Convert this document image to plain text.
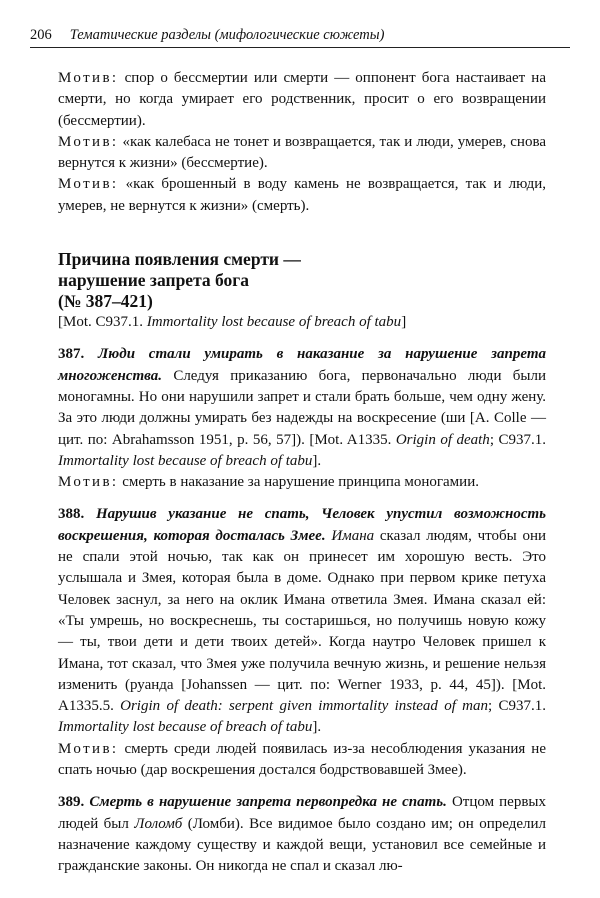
206 Тематические разделы (мифологические сюжеты)

Мотив: спор о бессмертии или смерти — оппонент бога настаивает на смерти, но когда умирает его родственник, просит о его возвращении (бессмертии).

Мотив: «как калебаса не тонет и возвращается, так и люди, умерев, снова вернутся к жизни» (бессмертие).

Мотив: «как брошенный в воду камень не возвращается, так и люди, умерев, не вернутся к жизни» (смерть).

Причина появления смерти —
нарушение запрета бога
(№ 387–421)

[Mot. C937.1. Immortality lost because of breach of tabu]

387. Люди стали умирать в наказание за нарушение запрета многоженства. Следуя приказанию бога, первоначально люди были моногамны. Но они нарушили запрет и стали брать больше, чем одну жену. За это люди должны умирать без надежды на воскресение (ши [A. Colle — цит. по: Abrahamsson 1951, p. 56, 57]). [Mot. A1335. Origin of death; C937.1. Immortality lost because of breach of tabu].

Мотив: смерть в наказание за нарушение принципа моногамии.

388. Нарушив указание не спать, Человек упустил возможность воскрешения, которая досталась Змее. Имана сказал людям, чтобы они не спали этой ночью, так как он принесет им хорошую весть. Это услышала и Змея, которая была в доме. Однако при первом крике петуха Человек заснул, за него на оклик Имана ответила Змея. Имана сказал ей: «Ты умрешь, но воскреснешь, ты состаришься, но получишь новую кожу — ты, твои дети и дети твоих детей». Когда наутро Человек пришел к Имана, тот сказал, что Змея уже получила вечную жизнь, и решение нельзя изменить (руанда [Johanssen — цит. по: Werner 1933, p. 44, 45]). [Mot. A1335.5. Origin of death: serpent given immortality instead of man; C937.1. Immortality lost because of breach of tabu].

Мотив: смерть среди людей появилась из-за несоблюдения указания не спать ночью (дар воскрешения достался бодрствовавшей Змее).

389. Смерть в нарушение запрета первопредка не спать. Отцом первых людей был Лоломб (Ломби). Все видимое было создано им; он определил назначение каждому существу и каждой вещи, установил все семейные и гражданские законы. Он никогда не спал и сказал лю-
